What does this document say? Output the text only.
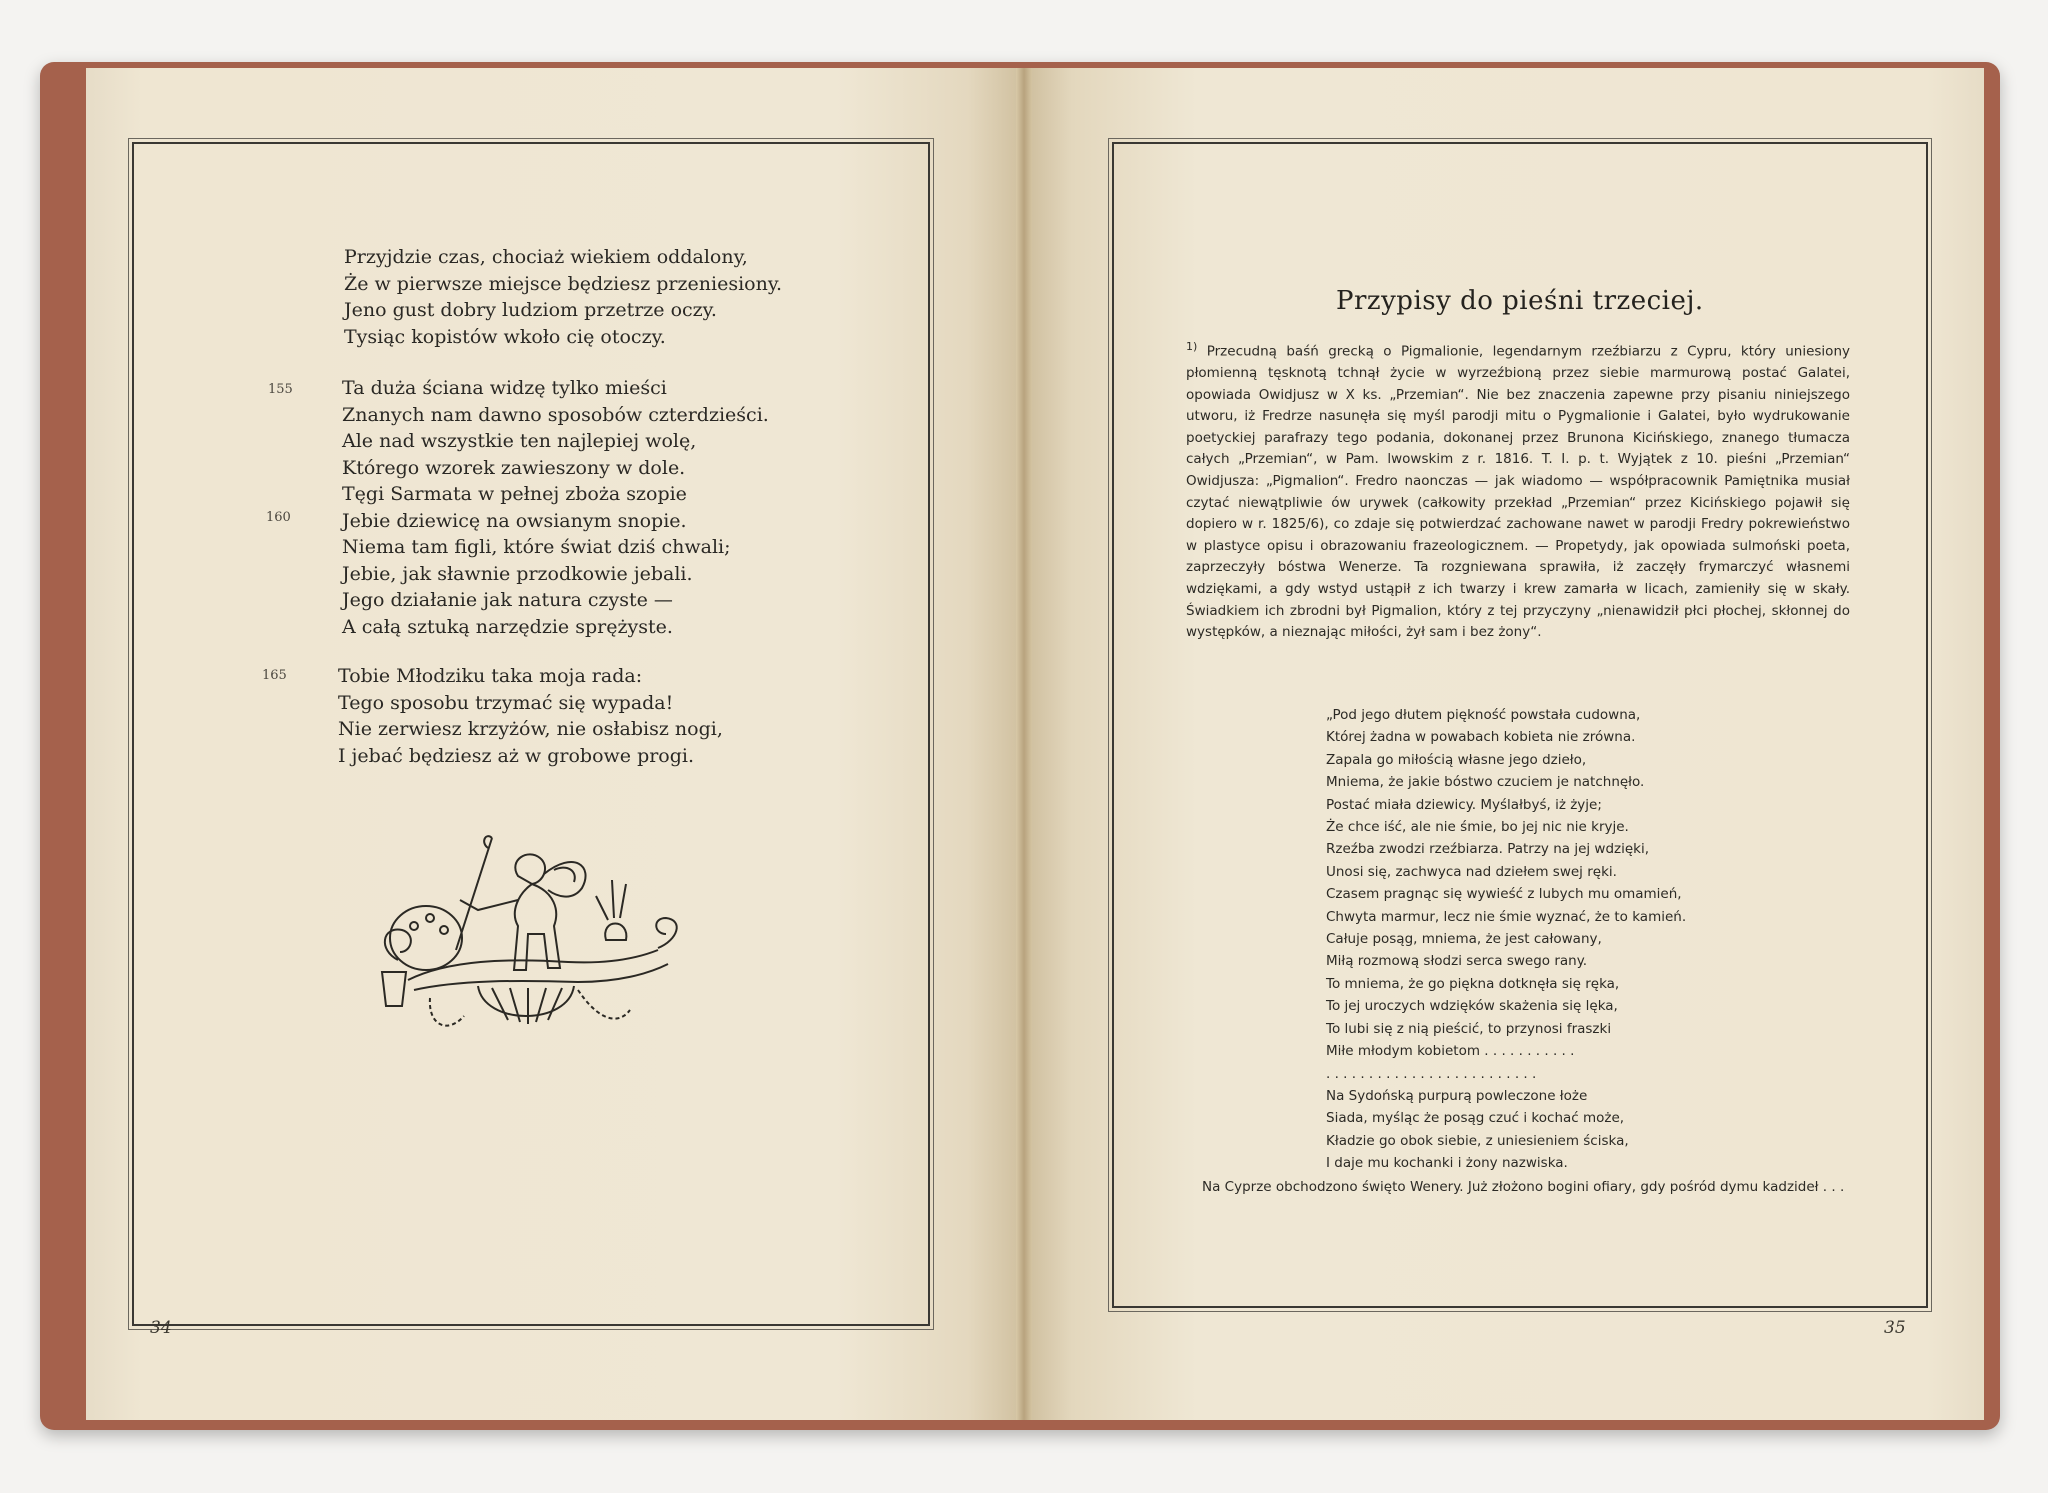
Przyjdzie czas, chociaż wiekiem oddalony,
Że w pierwsze miejsce będziesz przeniesiony.
Jeno gust dobry ludziom przetrze oczy.
Tysiąc kopistów wkoło cię otoczy.
Ta duża ściana widzę tylko mieści
Znanych nam dawno sposobów czterdzieści.
Ale nad wszystkie ten najlepiej wolę,
Którego wzorek zawieszony w dole.
Tęgi Sarmata w pełnej zboża szopie
Jebie dziewicę na owsianym snopie.
Niema tam figli, które świat dziś chwali;
Jebie, jak sławnie przodkowie jebali.
Jego działanie jak natura czyste —
A całą sztuką narzędzie sprężyste.
Tobie Młodziku taka moja rada:
Tego sposobu trzymać się wypada!
Nie zerwiesz krzyżów, nie osłabisz nogi,
I jebać będziesz aż w grobowe progi.
155
160
165
34
Przypisy do pieśni trzeciej.
$^{1)}$ Przecudną baśń grecką o Pigmalionie, legendarnym rzeźbiarzu z Cypru, który uniesiony płomienną tęsknotą tchnął życie w wyrzeźbioną przez siebie marmurową postać Galatei, opowiada Owidjusz w X ks. „Przemian“. Nie bez znaczenia zapewne przy pisaniu niniejszego utworu, iż Fredrze nasunęła się myśl parodji mitu o Pygmalionie i Galatei, było wydrukowanie poetyckiej parafrazy tego podania, dokonanej przez Brunona Kicińskiego, znanego tłumacza całych „Przemian“, w Pam. lwowskim z r. 1816. T. I. p. t. Wyjątek z 10. pieśni „Przemian“ Owidjusza: „Pigmalion“. Fredro naonczas — jak wiadomo — współpracownik Pamiętnika musiał czytać niewątpliwie ów urywek (całkowity przekład „Przemian“ przez Kicińskiego pojawił się dopiero w r. 1825/6), co zdaje się potwierdzać zachowane nawet w parodji Fredry pokrewieństwo w plastyce opisu i obrazowaniu frazeologicznem. — Propetydy, jak opowiada sulmoński poeta, zaprzeczyły bóstwa Wenerze. Ta rozgniewana sprawiła, iż zaczęły frymarczyć własnemi wdziękami, a gdy wstyd ustąpił z ich twarzy i krew zamarła w licach, zamieniły się w skały. Świadkiem ich zbrodni był Pigmalion, który z tej przyczyny „nienawidził płci płochej, skłonnej do występków, a nieznając miłości, żył sam i bez żony“.
„Pod jego dłutem piękność powstała cudowna,
Której żadna w powabach kobieta nie zrówna.
Zapala go miłością własne jego dzieło,
Mniema, że jakie bóstwo czuciem je natchnęło.
Postać miała dziewicy. Myślałbyś, iż żyje;
Że chce iść, ale nie śmie, bo jej nic nie kryje.
Rzeźba zwodzi rzeźbiarza. Patrzy na jej wdzięki,
Unosi się, zachwyca nad dziełem swej ręki.
Czasem pragnąc się wywieść z lubych mu omamień,
Chwyta marmur, lecz nie śmie wyznać, że to kamień.
Całuje posąg, mniema, że jest całowany,
Miłą rozmową słodzi serca swego rany.
To mniema, że go piękna dotknęła się ręka,
To jej uroczych wdzięków skażenia się lęka,
To lubi się z nią pieścić, to przynosi fraszki
Miłe młodym kobietom . . . . . . . . . . .
. . . . . . . . . . . . . . . . . . . . . . . . .
Na Sydońską purpurą powleczone łoże
Siada, myśląc że posąg czuć i kochać może,
Kładzie go obok siebie, z uniesieniem ściska,
I daje mu kochanki i żony nazwiska.
Na Cyprze obchodzono święto Wenery. Już złożono bogini ofiary, gdy pośród dymu kadzideł . . .
35
